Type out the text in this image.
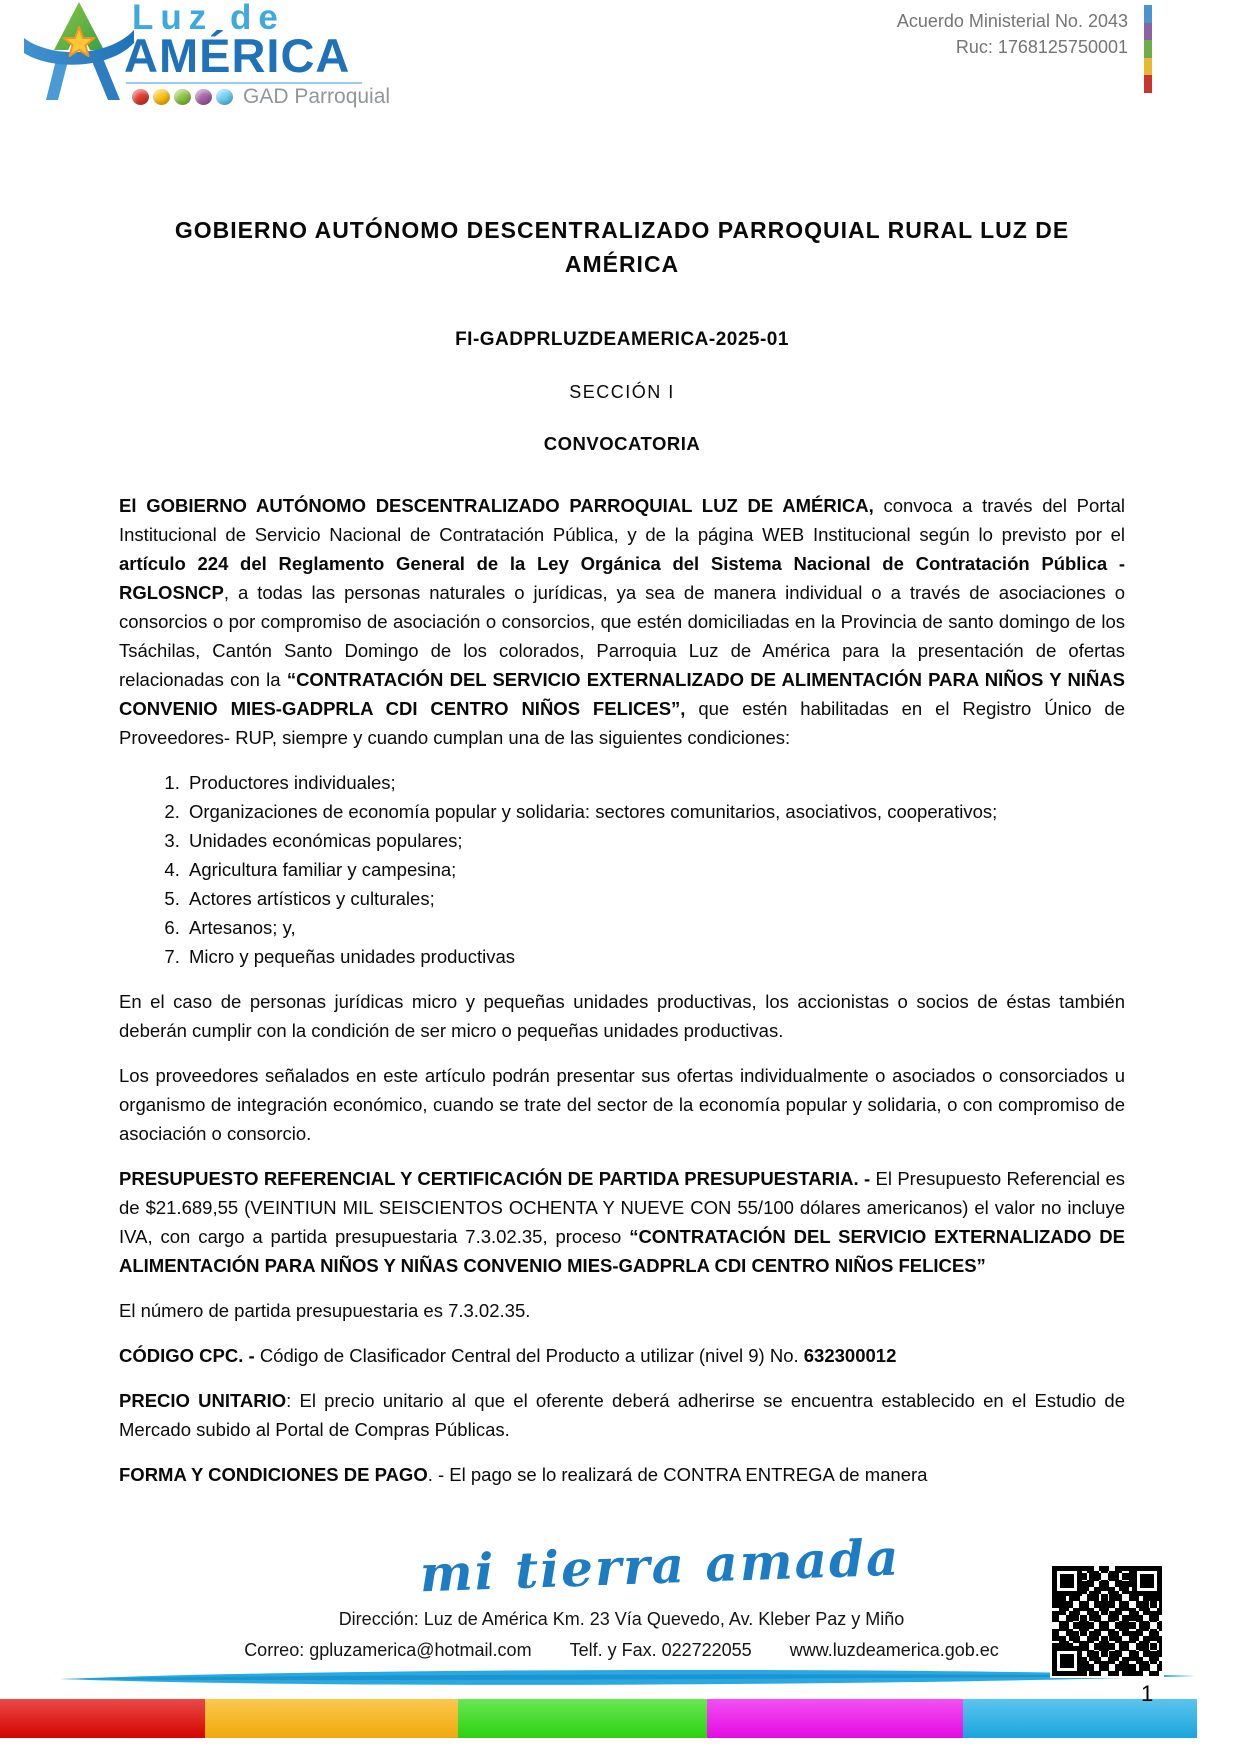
Luz de
AMÉRICA
GAD Parroquial
Acuerdo Ministerial No. 2043
Ruc: 1768125750001
GOBIERNO AUTÓNOMO DESCENTRALIZADO PARROQUIAL RURAL LUZ DE AMÉRICA
FI-GADPRLUZDEAMERICA-2025-01
SECCIÓN I
CONVOCATORIA

El GOBIERNO AUTÓNOMO DESCENTRALIZADO PARROQUIAL LUZ DE AMÉRICA, convoca a través del Portal Institucional de Servicio Nacional de Contratación Pública, y de la página WEB Institucional según lo previsto por el artículo 224 del Reglamento General de la Ley Orgánica del Sistema Nacional de Contratación Pública - RGLOSNCP, a todas las personas naturales o jurídicas, ya sea de manera individual o a través de asociaciones o consorcios o por compromiso de asociación o consorcios, que estén domiciliadas en la Provincia de santo domingo de los Tsáchilas, Cantón Santo Domingo de los colorados, Parroquia Luz de América para la presentación de ofertas relacionadas con la “CONTRATACIÓN DEL SERVICIO EXTERNALIZADO DE ALIMENTACIÓN PARA NIÑOS Y NIÑAS CONVENIO MIES-GADPRLA CDI CENTRO NIÑOS FELICES”, que estén habilitadas en el Registro Único de Proveedores- RUP, siempre y cuando cumplan una de las siguientes condiciones:

1. Productores individuales;
2. Organizaciones de economía popular y solidaria: sectores comunitarios, asociativos, cooperativos;
3. Unidades económicas populares;
4. Agricultura familiar y campesina;
5. Actores artísticos y culturales;
6. Artesanos; y,
7. Micro y pequeñas unidades productivas

En el caso de personas jurídicas micro y pequeñas unidades productivas, los accionistas o socios de éstas también deberán cumplir con la condición de ser micro o pequeñas unidades productivas.

Los proveedores señalados en este artículo podrán presentar sus ofertas individualmente o asociados o consorciados u organismo de integración económico, cuando se trate del sector de la economía popular y solidaria, o con compromiso de asociación o consorcio.

PRESUPUESTO REFERENCIAL Y CERTIFICACIÓN DE PARTIDA PRESUPUESTARIA. - El Presupuesto Referencial es de $21.689,55 (VEINTIUN MIL SEISCIENTOS OCHENTA Y NUEVE CON 55/100 dólares americanos) el valor no incluye IVA, con cargo a partida presupuestaria 7.3.02.35, proceso “CONTRATACIÓN DEL SERVICIO EXTERNALIZADO DE ALIMENTACIÓN PARA NIÑOS Y NIÑAS CONVENIO MIES-GADPRLA CDI CENTRO NIÑOS FELICES”

El número de partida presupuestaria es 7.3.02.35.

CÓDIGO CPC. - Código de Clasificador Central del Producto a utilizar (nivel 9) No. 632300012

PRECIO UNITARIO: El precio unitario al que el oferente deberá adherirse se encuentra establecido en el Estudio de Mercado subido al Portal de Compras Públicas.

FORMA Y CONDICIONES DE PAGO. - El pago se lo realizará de CONTRA ENTREGA de manera

mi tierra amada
Dirección: Luz de América Km. 23 Vía Quevedo, Av. Kleber Paz y Miño
Correo: gpluzamerica@hotmail.com Telf. y Fax. 022722055 www.luzdeamerica.gob.ec
1
